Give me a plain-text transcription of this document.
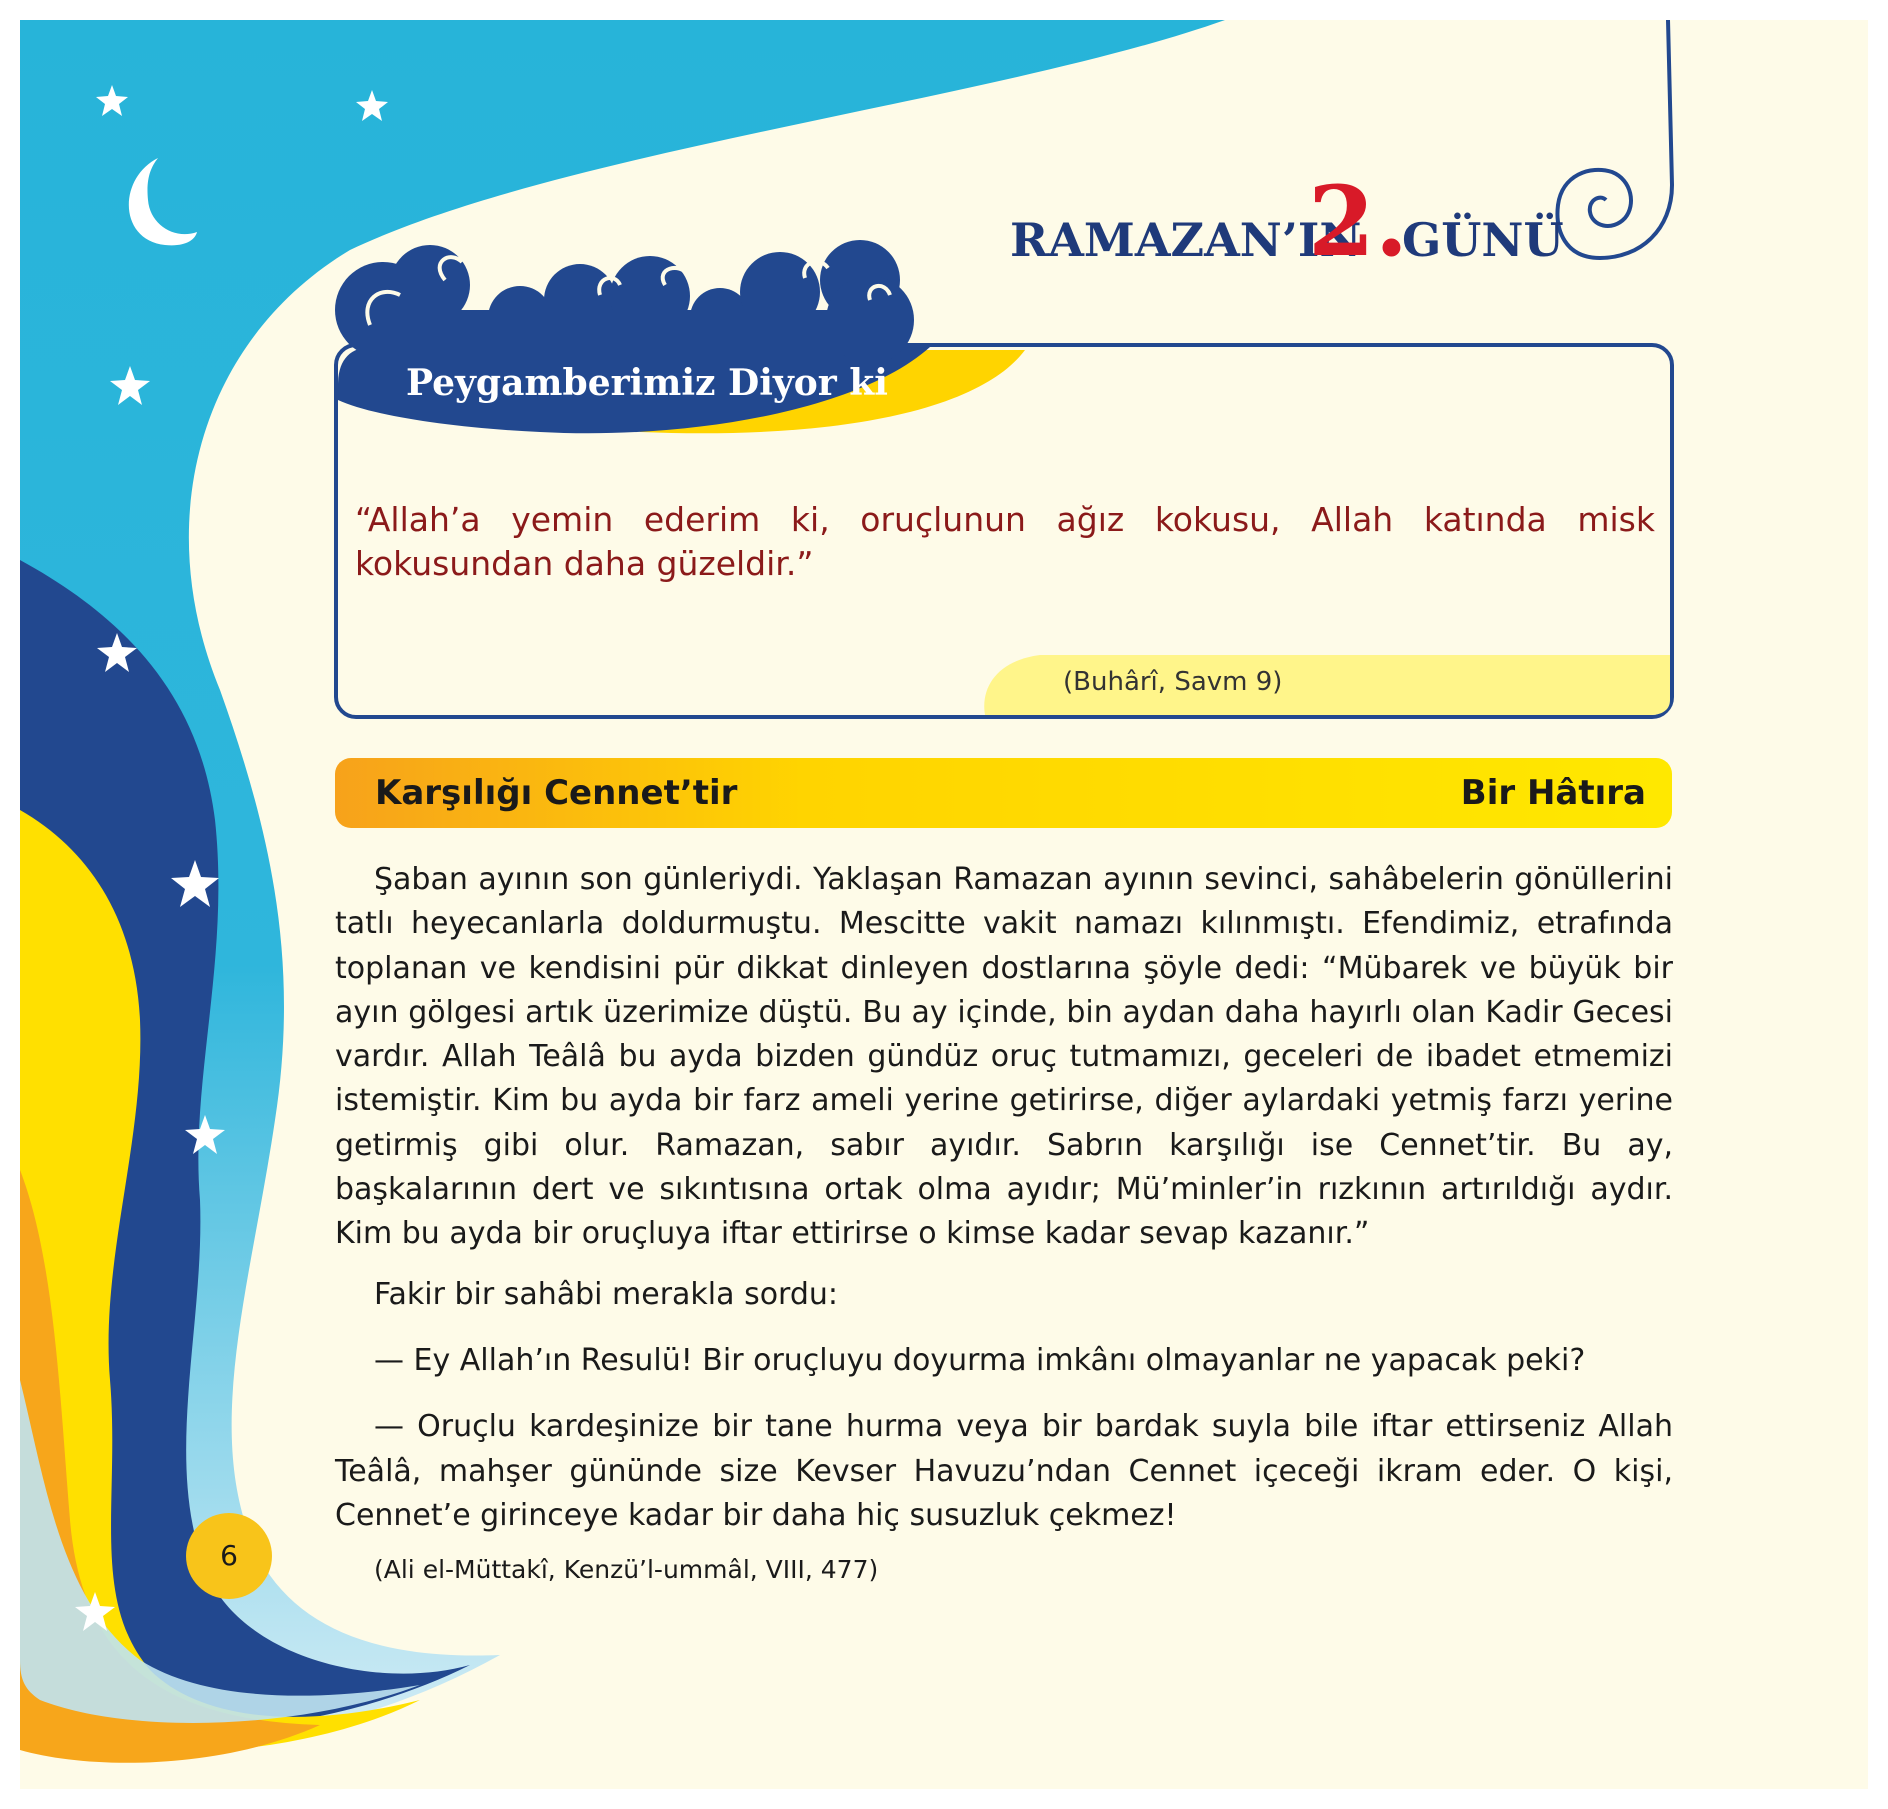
RAMAZAN’IN
2.
GÜNÜ
Peygamberimiz Diyor ki
“Allah’a yemin ederim ki, oruçlunun ağız kokusu, Allah katında misk kokusundan daha güzeldir.”
(Buhârî, Savm 9)
Karşılığı Cennet’tir	Bir Hâtıra

Şaban ayının son günleriydi. Yaklaşan Ramazan ayının sevinci, sahâbelerin gönüllerini tatlı heyecanlarla doldurmuştu. Mescitte vakit namazı kılınmıştı. Efendimiz, etrafında toplanan ve kendisini pür dikkat dinleyen dostlarına şöyle dedi: “Mübarek ve büyük bir ayın gölgesi artık üzerimize düştü. Bu ay içinde, bin aydan daha hayırlı olan Kadir Gecesi vardır. Allah Teâlâ bu ayda bizden gündüz oruç tutmamızı, geceleri de ibadet etmemizi istemiştir. Kim bu ayda bir farz ameli yerine getirirse, diğer aylardaki yetmiş farzı yerine getirmiş gibi olur. Ramazan, sabır ayıdır. Sabrın karşılığı ise Cennet’tir. Bu ay, başkalarının dert ve sıkıntısına ortak olma ayıdır; Mü’minler’in rızkının artırıldığı aydır. Kim bu ayda bir oruçluya iftar ettirirse o kimse kadar sevap kazanır.”

Fakir bir sahâbi merakla sordu:

— Ey Allah’ın Resulü! Bir oruçluyu doyurma imkânı olmayanlar ne yapacak peki?

— Oruçlu kardeşinize bir tane hurma veya bir bardak suyla bile iftar ettirseniz Allah Teâlâ, mahşer gününde size Kevser Havuzu’ndan Cennet içeceği ikram eder. O kişi, Cennet’e girinceye kadar bir daha hiç susuzluk çekmez!

(Ali el-Müttakî, Kenzü’l-ummâl, VIII, 477)

6
